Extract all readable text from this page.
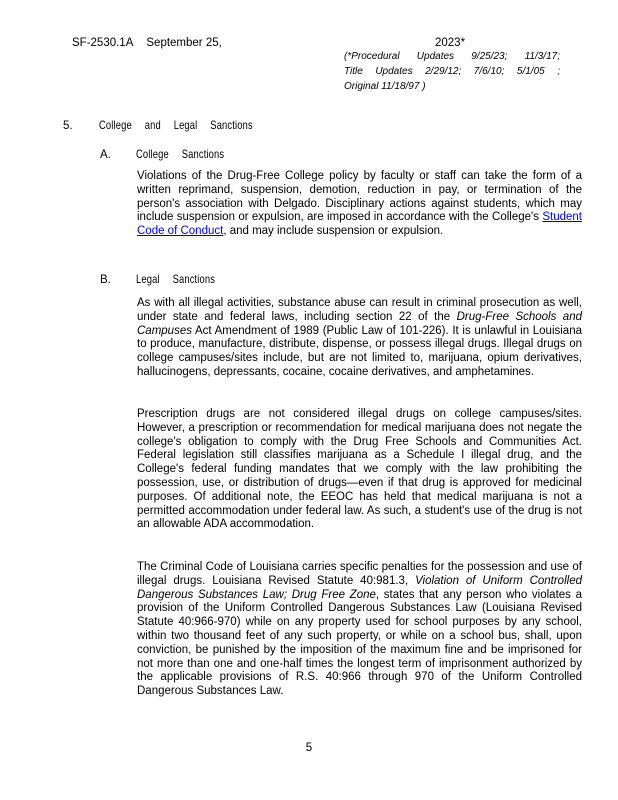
SF-2530.1A September 25,	2023*
(*Procedural Updates 9/25/23; 11/3/17;
Title Updates 2/29/12; 7/6/10; 5/1/05 ;
Original 11/18/97 )
5. College and Legal Sanctions
A. College Sanctions

Violations of the Drug-Free College policy by faculty or staff can take the form of a written reprimand, suspension, demotion, reduction in pay, or termination of the person's association with Delgado. Disciplinary actions against students, which may include suspension or expulsion, are imposed in accordance with the College's Student Code of Conduct, and may include suspension or expulsion.

B. Legal Sanctions

As with all illegal activities, substance abuse can result in criminal prosecution as well, under state and federal laws, including section 22 of the Drug-Free Schools and Campuses Act Amendment of 1989 (Public Law of 101-226). It is unlawful in Louisiana to produce, manufacture, distribute, dispense, or possess illegal drugs. Illegal drugs on college campuses/sites include, but are not limited to, marijuana, opium derivatives, hallucinogens, depressants, cocaine, cocaine derivatives, and amphetamines.

Prescription drugs are not considered illegal drugs on college campuses/sites. However, a prescription or recommendation for medical marijuana does not negate the college's obligation to comply with the Drug Free Schools and Communities Act. Federal legislation still classifies marijuana as a Schedule I illegal drug, and the College's federal funding mandates that we comply with the law prohibiting the possession, use, or distribution of drugs—even if that drug is approved for medicinal purposes. Of additional note, the EEOC has held that medical marijuana is not a permitted accommodation under federal law. As such, a student's use of the drug is not an allowable ADA accommodation.

The Criminal Code of Louisiana carries specific penalties for the possession and use of illegal drugs. Louisiana Revised Statute 40:981.3, Violation of Uniform Controlled Dangerous Substances Law; Drug Free Zone, states that any person who violates a provision of the Uniform Controlled Dangerous Substances Law (Louisiana Revised Statute 40:966-970) while on any property used for school purposes by any school, within two thousand feet of any such property, or while on a school bus, shall, upon conviction, be punished by the imposition of the maximum fine and be imprisoned for not more than one and one-half times the longest term of imprisonment authorized by the applicable provisions of R.S. 40:966 through 970 of the Uniform Controlled Dangerous Substances Law.

5
